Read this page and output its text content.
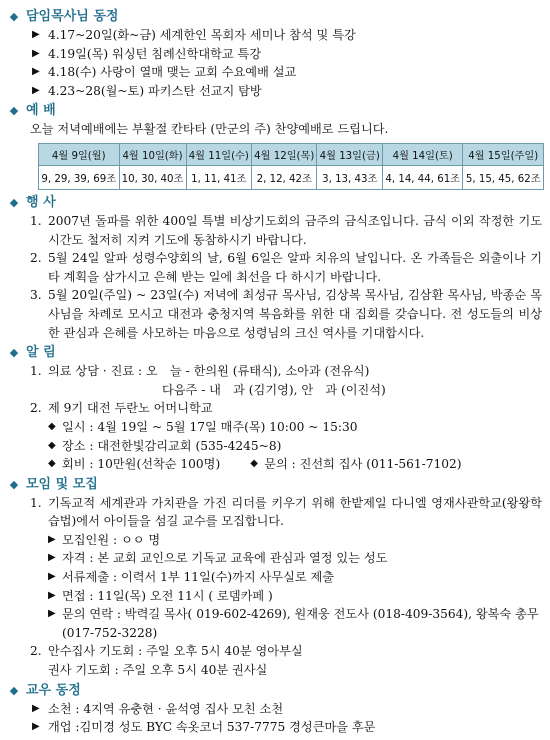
◆ 담임목사님 동정
▶ 4.17~20일(화~금) 세계한인 목회자 세미나 참석 및 특강
▶ 4.19일(목) 워싱턴 침례신학대학교 특강
▶ 4.18(수) 사랑이 열매 맺는 교회 수요예배 설교
▶ 4.23~28(월~토) 파키스탄 선교지 탐방
◆ 예 배
오늘 저녁예배에는 부활절 칸타타 (만군의 주) 찬양예배로 드립니다.
4월 9일(월)	4월 10일(화)	4월 11일(수)	4월 12일(목)	4월 13일(금)	4월 14일(토)	4월 15일(주일)
9, 29, 39, 69조	10, 30, 40조	1, 11, 41조	2, 12, 42조	3, 13, 43조	4, 14, 44, 61조	5, 15, 45, 62조
◆ 행 사
1. 2007년 돌파를 위한 400일 특별 비상기도회의 금주의 금식조입니다. 금식 이외 작정한 기도시간도 철저히 지켜 기도에 동참하시기 바랍니다.
2. 5월 24일 알파 성령수양회의 날, 6월 6일은 알파 치유의 날입니다. 온 가족들은 외출이나 기타 계획을 삼가시고 은혜 받는 일에 최선을 다 하시기 바랍니다.
3. 5월 20일(주일) ~ 23일(수) 저녁에 최성규 목사님, 김상복 목사님, 김삼환 목사님, 박종순 목사님을 차례로 모시고 대전과 충청지역 복음화를 위한 대 집회를 갖습니다. 전 성도들의 비상한 관심과 은혜를 사모하는 마음으로 성령님의 크신 역사를 기대합시다.
◆ 알 림
1. 의료 상담 · 진료 : 오　늘 - 한의원 (류태식), 소아과 (전유식)
다음주 - 내　과 (김기영), 안　과 (이진석)
2. 제 9기 대전 두란노 어머니학교
◆ 일시 : 4월 19일 ~ 5월 17일 매주(목) 10:00 ~ 15:30
◆ 장소 : 대전한빛감리교회 (535-4245~8)
◆ 회비 : 10만원(선착순 100명)	◆ 문의 : 진선희 집사 (011-561-7102)
◆ 모임 및 모집
1. 기독교적 세계관과 가치관을 가진 리더를 키우기 위해 한밭제일 다니엘 영재사관학교(왕왕학습법)에서 아이들을 섬길 교수를 모집합니다.
▶ 모집인원 : ㅇㅇ 명
▶ 자격 : 본 교회 교인으로 기독교 교육에 관심과 열정 있는 성도
▶ 서류제출 : 이력서 1부 11일(수)까지 사무실로 제출
▶ 면접 : 11일(목) 오전 11시 ( 로뎀카페 )
▶ 문의 연락 : 박력길 목사( 019-602-4269), 원재웅 전도사 (018-409-3564), 왕복숙 총무 (017-752-3228)
2. 안수집사 기도회 : 주일 오후 5시 40분 영아부실
권사 기도회 : 주일 오후 5시 40분 권사실
◆ 교우 동정
▶ 소천 : 4지역 유충현 · 윤석영 집사 모친 소천
▶ 개업 :김미경 성도 BYC 속옷코너 537-7775 경성큰마을 후문
